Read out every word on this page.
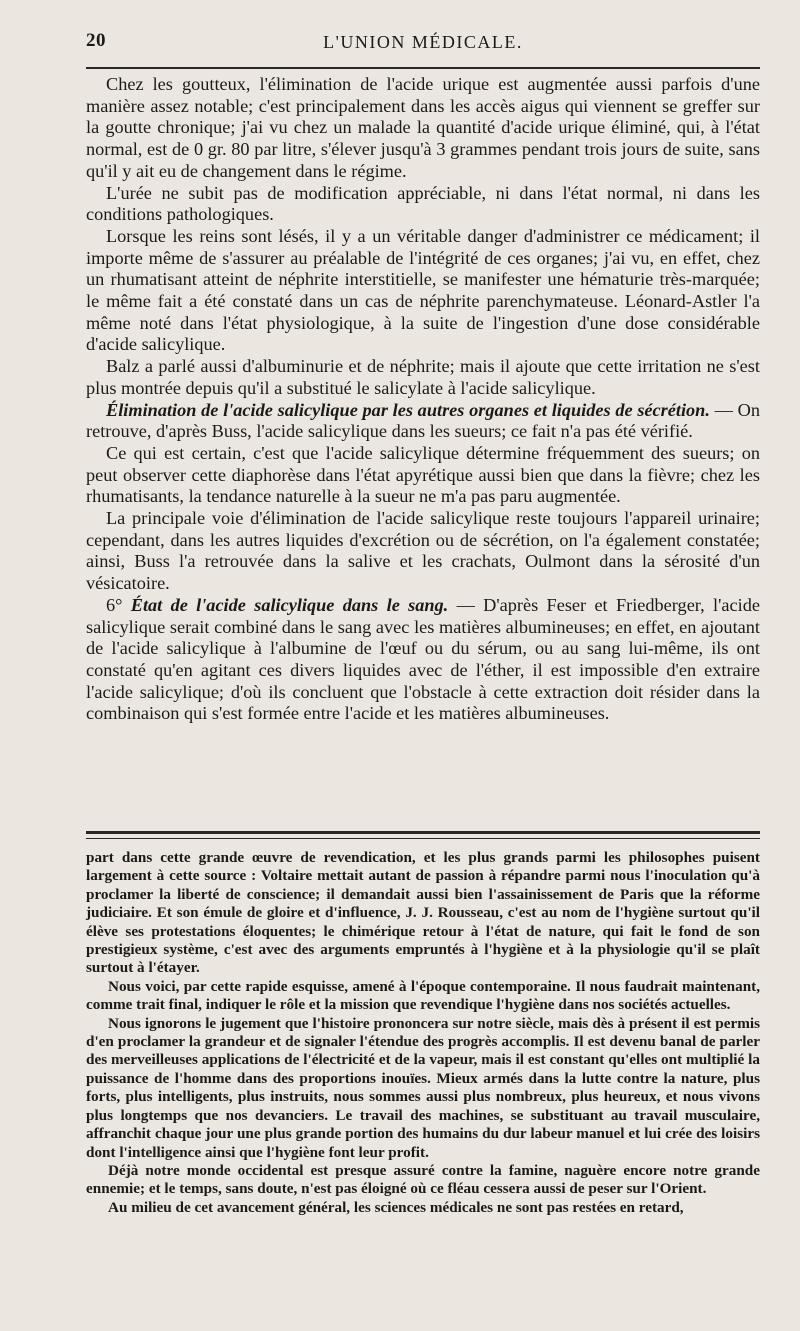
20	L'UNION MÉDICALE.

Chez les goutteux, l'élimination de l'acide urique est augmentée aussi parfois d'une manière assez notable; c'est principalement dans les accès aigus qui viennent se greffer sur la goutte chronique; j'ai vu chez un malade la quantité d'acide urique éliminé, qui, à l'état normal, est de 0 gr. 80 par litre, s'élever jusqu'à 3 grammes pendant trois jours de suite, sans qu'il y ait eu de changement dans le régime.

L'urée ne subit pas de modification appréciable, ni dans l'état normal, ni dans les conditions pathologiques.

Lorsque les reins sont lésés, il y a un véritable danger d'administrer ce médicament; il importe même de s'assurer au préalable de l'intégrité de ces organes; j'ai vu, en effet, chez un rhumatisant atteint de néphrite interstitielle, se manifester une hématurie très-marquée; le même fait a été constaté dans un cas de néphrite parenchymateuse. Léonard-Astler l'a même noté dans l'état physiologique, à la suite de l'ingestion d'une dose considérable d'acide salicylique.

Balz a parlé aussi d'albuminurie et de néphrite; mais il ajoute que cette irritation ne s'est plus montrée depuis qu'il a substitué le salicylate à l'acide salicylique.

Élimination de l'acide salicylique par les autres organes et liquides de sécrétion. — On retrouve, d'après Buss, l'acide salicylique dans les sueurs; ce fait n'a pas été vérifié.

Ce qui est certain, c'est que l'acide salicylique détermine fréquemment des sueurs; on peut observer cette diaphorèse dans l'état apyrétique aussi bien que dans la fièvre; chez les rhumatisants, la tendance naturelle à la sueur ne m'a pas paru augmentée.

La principale voie d'élimination de l'acide salicylique reste toujours l'appareil urinaire; cependant, dans les autres liquides d'excrétion ou de sécrétion, on l'a également constatée; ainsi, Buss l'a retrouvée dans la salive et les crachats, Oulmont dans la sérosité d'un vésicatoire.

6° État de l'acide salicylique dans le sang. — D'après Feser et Friedberger, l'acide salicylique serait combiné dans le sang avec les matières albumineuses; en effet, en ajoutant de l'acide salicylique à l'albumine de l'œuf ou du sérum, ou au sang lui-même, ils ont constaté qu'en agitant ces divers liquides avec de l'éther, il est impossible d'en extraire l'acide salicylique; d'où ils concluent que l'obstacle à cette extraction doit résider dans la combinaison qui s'est formée entre l'acide et les matières albumineuses.

part dans cette grande œuvre de revendication, et les plus grands parmi les philosophes puisent largement à cette source : Voltaire mettait autant de passion à répandre parmi nous l'inoculation qu'à proclamer la liberté de conscience; il demandait aussi bien l'assainissement de Paris que la réforme judiciaire. Et son émule de gloire et d'influence, J. J. Rousseau, c'est au nom de l'hygiène surtout qu'il élève ses protestations éloquentes; le chimérique retour à l'état de nature, qui fait le fond de son prestigieux système, c'est avec des arguments empruntés à l'hygiène et à la physiologie qu'il se plaît surtout à l'étayer.

Nous voici, par cette rapide esquisse, amené à l'époque contemporaine. Il nous faudrait maintenant, comme trait final, indiquer le rôle et la mission que revendique l'hygiène dans nos sociétés actuelles.

Nous ignorons le jugement que l'histoire prononcera sur notre siècle, mais dès à présent il est permis d'en proclamer la grandeur et de signaler l'étendue des progrès accomplis. Il est devenu banal de parler des merveilleuses applications de l'électricité et de la vapeur, mais il est constant qu'elles ont multiplié la puissance de l'homme dans des proportions inouïes. Mieux armés dans la lutte contre la nature, plus forts, plus intelligents, plus instruits, nous sommes aussi plus nombreux, plus heureux, et nous vivons plus longtemps que nos devanciers. Le travail des machines, se substituant au travail musculaire, affranchit chaque jour une plus grande portion des humains du dur labeur manuel et lui crée des loisirs dont l'intelligence ainsi que l'hygiène font leur profit.

Déjà notre monde occidental est presque assuré contre la famine, naguère encore notre grande ennemie; et le temps, sans doute, n'est pas éloigné où ce fléau cessera aussi de peser sur l'Orient.

Au milieu de cet avancement général, les sciences médicales ne sont pas restées en retard,
